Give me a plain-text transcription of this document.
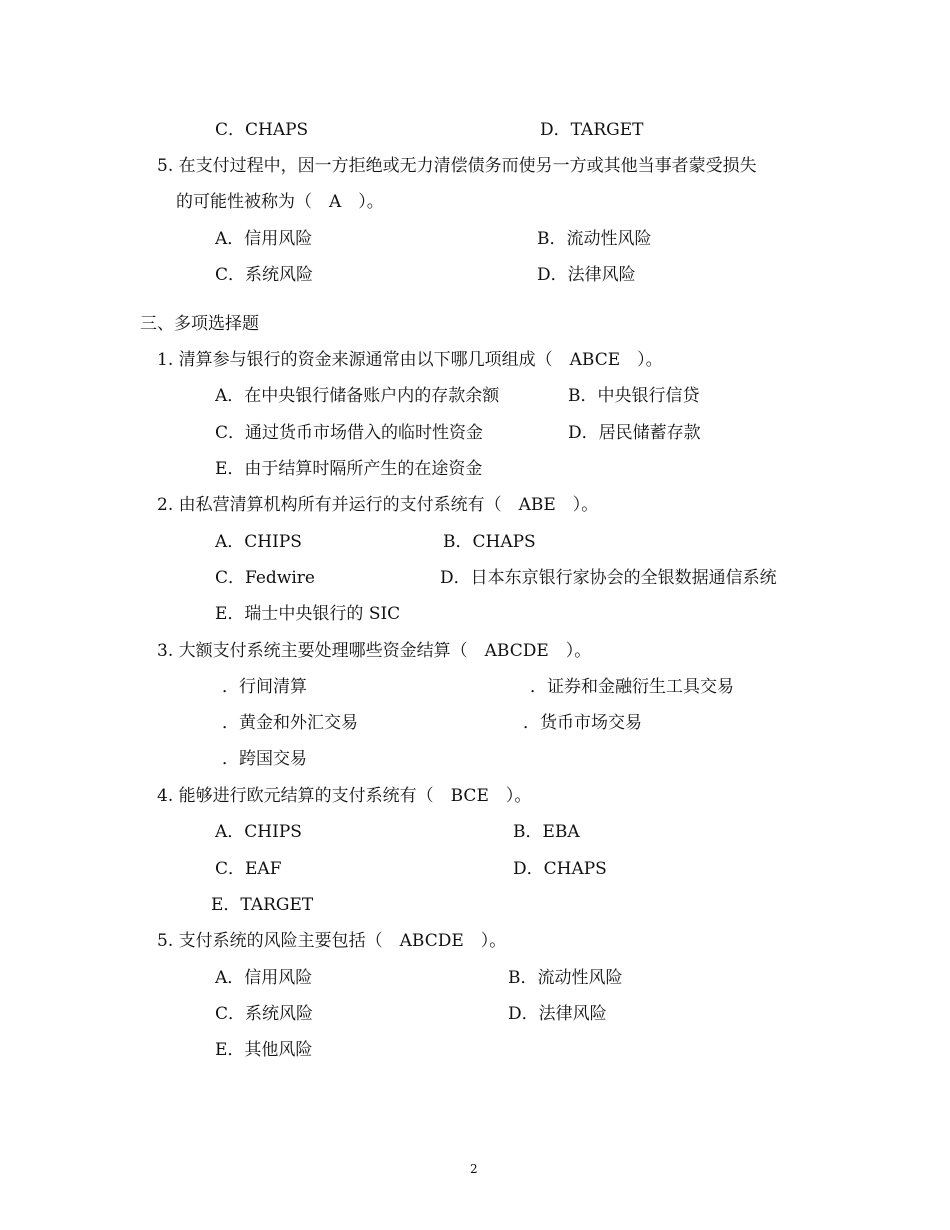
C．CHAPS	D．TARGET
5. 在支付过程中，因一方拒绝或无力清偿债务而使另一方或其他当事者蒙受损失
的可能性被称为（　A　）。
A．信用风险	B．流动性风险
C．系统风险	D．法律风险
三、多项选择题
1. 清算参与银行的资金来源通常由以下哪几项组成（　ABCE　）。
A．在中央银行储备账户内的存款余额	B．中央银行信贷
C．通过货币市场借入的临时性资金	D．居民储蓄存款
E．由于结算时隔所产生的在途资金
2. 由私营清算机构所有并运行的支付系统有（　ABE　）。
A．CHIPS	B．CHAPS
C．Fedwire	D．日本东京银行家协会的全银数据通信系统
E．瑞士中央银行的 SIC
3. 大额支付系统主要处理哪些资金结算（　ABCDE　）。
．行间清算	．证券和金融衍生工具交易
．黄金和外汇交易	．货币市场交易
．跨国交易
4. 能够进行欧元结算的支付系统有（　BCE　）。
A．CHIPS	B．EBA
C．EAF	D．CHAPS
E．TARGET
5. 支付系统的风险主要包括（　ABCDE　）。
A．信用风险	B．流动性风险
C．系统风险	D．法律风险
E．其他风险
2
